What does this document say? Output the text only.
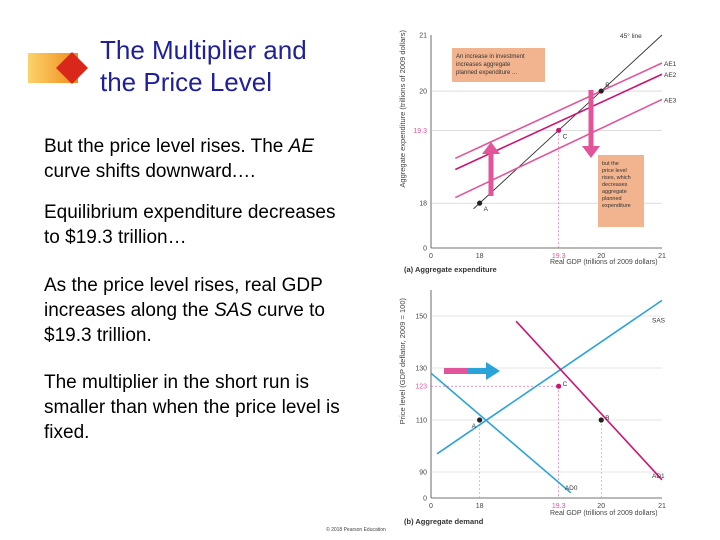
The Multiplier and
the Price Level
But the price level rises. The AE curve shifts downward.…
Equilibrium expenditure decreases to $19.3 trillion…
As the price level rises, real GDP increases along the SAS curve to $19.3 trillion.
The multiplier in the short run is smaller than when the price level is fixed.
© 2018 Pearson Education
Aggregate expenditure (trillions of 2009 dollars)
0	18	19.3	20	21
0
18
19.3
20
21	45° line
AE1
AE2
AE3
A
B
C
An increase in investment increases aggregate planned expenditure ...
but the price level rises, which decreases aggregate planned expenditure
(a) Aggregate expenditure
Real GDP (trillions of 2009 dollars)
Price level (GDP deflator, 2009 = 100)
0	18	19.3	20	21
0
90
110
123
130
150
SAS
AD0
AD1
A
B
C
(b) Aggregate demand
Real GDP (trillions of 2009 dollars)
